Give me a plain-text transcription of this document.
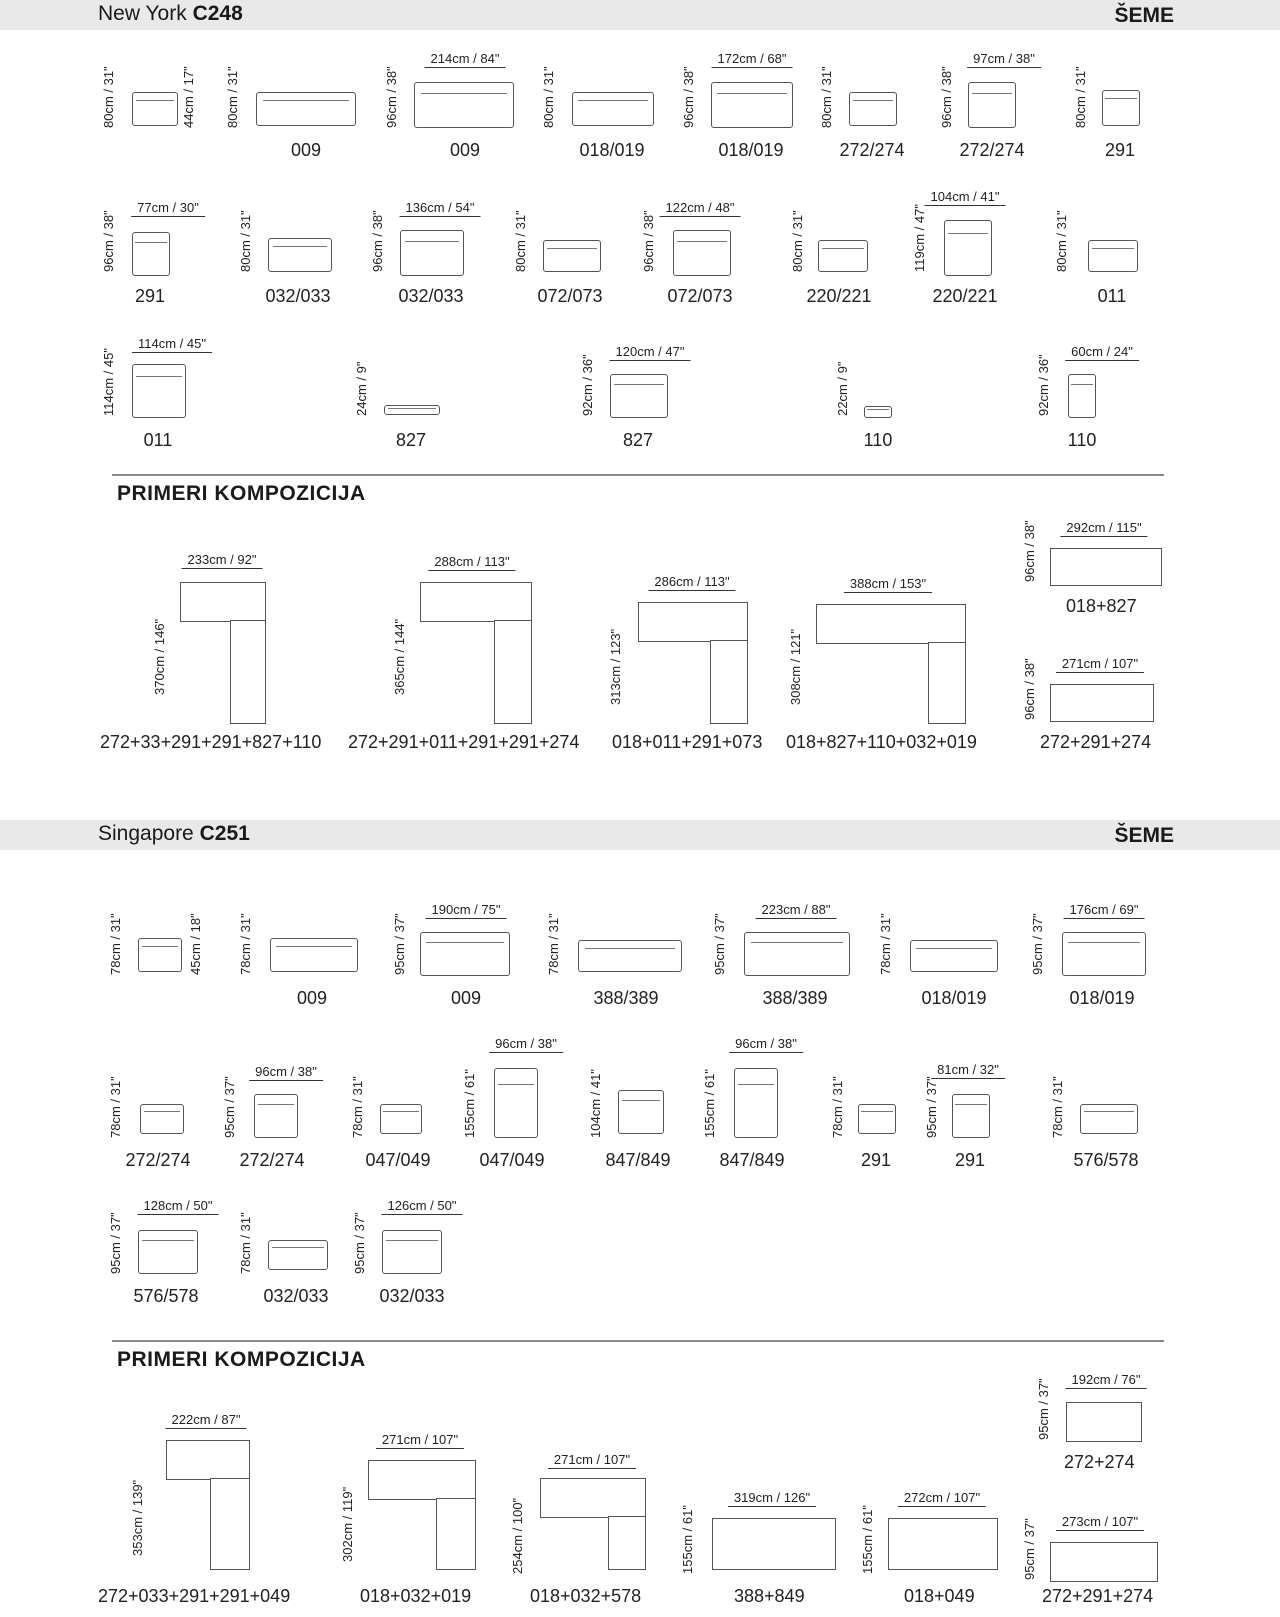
New York C248	ŠEME
80cm / 31"	44cm / 17" 80cm / 31"
009
214cm / 84"
96cm / 38"
009
80cm / 31"
018/019
172cm / 68"
96cm / 38"
018/019
80cm / 31"
272/274
97cm / 38"
96cm / 38"
272/274
80cm / 31"
291
77cm / 30"
96cm / 38"
291
80cm / 31"
032/033
136cm / 54"
96cm / 38"
032/033
80cm / 31"
072/073
122cm / 48"
96cm / 38"
072/073
80cm / 31"
220/221
104cm / 41"
119cm / 47"
220/221
80cm / 31"
011
114cm / 45"
114cm / 45"
011
24cm / 9"
827
120cm / 47"
92cm / 36"
827
22cm / 9"
110
60cm / 24"
92cm / 36"
110
PRIMERI KOMPOZICIJA
233cm / 92"
370cm / 146"
272+33+291+291+827+110
288cm / 113"
365cm / 144"
272+291+011+291+291+274
286cm / 113"
313cm / 123"
018+011+291+073
388cm / 153"
308cm / 121"
018+827+110+032+019
292cm / 115"
96cm / 38"
018+827
271cm / 107"
96cm / 38"
272+291+274
Singapore C251	ŠEME
78cm / 31"	45cm / 18"	78cm / 31"
009
190cm / 75"
95cm / 37"
009
78cm / 31"
388/389
223cm / 88"
95cm / 37"
388/389
78cm / 31"
018/019
176cm / 69"
95cm / 37"
018/019
78cm / 31"
272/274
96cm / 38"
95cm / 37"
272/274
78cm / 31"
047/049
96cm / 38"
155cm / 61"
047/049
104cm / 41"
847/849
96cm / 38"
155cm / 61"
847/849
78cm / 31"
291
81cm / 32"
95cm / 37"
291
78cm / 31"
576/578
128cm / 50"
95cm / 37"
576/578
78cm / 31"
032/033
126cm / 50"
95cm / 37"
032/033
PRIMERI KOMPOZICIJA
222cm / 87"
353cm / 139"
272+033+291+291+049
271cm / 107"
302cm / 119"
018+032+019
271cm / 107"
254cm / 100"
018+032+578
319cm / 126"
155cm / 61"
388+849
272cm / 107"
155cm / 61"
018+049
192cm / 76"
95cm / 37"
272+274
273cm / 107"
95cm / 37"
272+291+274
